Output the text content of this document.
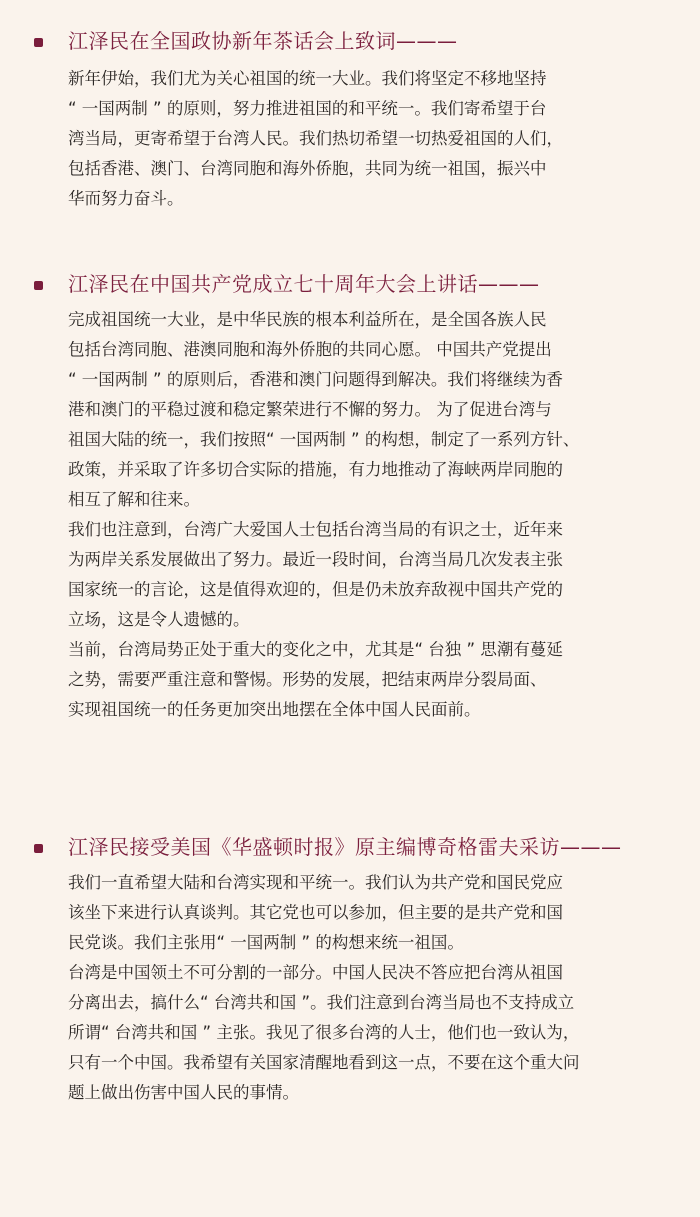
江泽民在全国政协新年茶话会上致词———
新年伊始，我们尤为关心祖国的统一大业。我们将坚定不移地坚持
“ 一国两制 ” 的原则，努力推进祖国的和平统一。我们寄希望于台
湾当局，更寄希望于台湾人民。我们热切希望一切热爱祖国的人们，
包括香港、澳门、台湾同胞和海外侨胞，共同为统一祖国，振兴中
华而努力奋斗。
江泽民在中国共产党成立七十周年大会上讲话———
完成祖国统一大业，是中华民族的根本利益所在，是全国各族人民
包括台湾同胞、港澳同胞和海外侨胞的共同心愿。 中国共产党提出
“ 一国两制 ” 的原则后，香港和澳门问题得到解决。我们将继续为香
港和澳门的平稳过渡和稳定繁荣进行不懈的努力。 为了促进台湾与
祖国大陆的统一，我们按照“ 一国两制 ” 的构想，制定了一系列方针、
政策，并采取了许多切合实际的措施，有力地推动了海峡两岸同胞的
相互了解和往来。
我们也注意到，台湾广大爱国人士包括台湾当局的有识之士，近年来
为两岸关系发展做出了努力。最近一段时间，台湾当局几次发表主张
国家统一的言论，这是值得欢迎的，但是仍未放弃敌视中国共产党的
立场，这是令人遗憾的。
当前，台湾局势正处于重大的变化之中，尤其是“ 台独 ” 思潮有蔓延
之势，需要严重注意和警惕。形势的发展，把结束两岸分裂局面、
实现祖国统一的任务更加突出地摆在全体中国人民面前。
江泽民接受美国《华盛顿时报》原主编博奇格雷夫采访———
我们一直希望大陆和台湾实现和平统一。我们认为共产党和国民党应
该坐下来进行认真谈判。其它党也可以参加，但主要的是共产党和国
民党谈。我们主张用“ 一国两制 ” 的构想来统一祖国。
台湾是中国领土不可分割的一部分。中国人民决不答应把台湾从祖国
分离出去，搞什么“ 台湾共和国 ”。我们注意到台湾当局也不支持成立
所谓“ 台湾共和国 ” 主张。我见了很多台湾的人士，他们也一致认为，
只有一个中国。我希望有关国家清醒地看到这一点，不要在这个重大问
题上做出伤害中国人民的事情。
